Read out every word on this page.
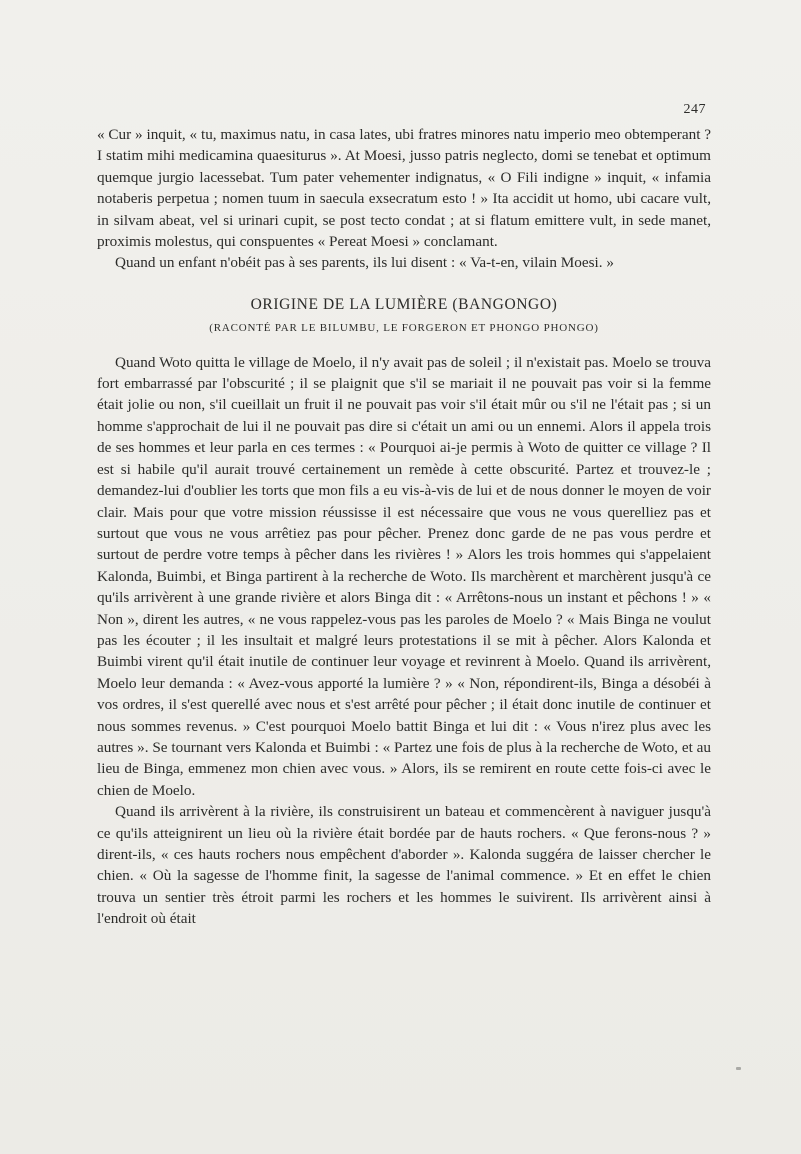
247

« Cur » inquit, « tu, maximus natu, in casa lates, ubi fratres minores natu imperio meo obtemperant ? I statim mihi medicamina quaesiturus ». At Moesi, jusso patris neglecto, domi se tenebat et optimum quemque jurgio lacessebat. Tum pater vehementer indignatus, « O Fili indigne » inquit, « infamia notaberis perpetua ; nomen tuum in saecula exsecratum esto ! » Ita accidit ut homo, ubi cacare vult, in silvam abeat, vel si urinari cupit, se post tecto condat ; at si flatum emittere vult, in sede manet, proximis molestus, qui conspuentes « Pereat Moesi » conclamant.

Quand un enfant n'obéit pas à ses parents, ils lui disent : « Va-t-en, vilain Moesi. »

ORIGINE DE LA LUMIÈRE (BANGONGO)
(RACONTÉ PAR LE BILUMBU, LE FORGERON ET PHONGO PHONGO)

Quand Woto quitta le village de Moelo, il n'y avait pas de soleil ; il n'existait pas. Moelo se trouva fort embarrassé par l'obscurité ; il se plaignit que s'il se mariait il ne pouvait pas voir si la femme était jolie ou non, s'il cueillait un fruit il ne pouvait pas voir s'il était mûr ou s'il ne l'était pas ; si un homme s'approchait de lui il ne pouvait pas dire si c'était un ami ou un ennemi. Alors il appela trois de ses hommes et leur parla en ces termes : « Pourquoi ai-je permis à Woto de quitter ce village ? Il est si habile qu'il aurait trouvé certainement un remède à cette obscurité. Partez et trouvez-le ; demandez-lui d'oublier les torts que mon fils a eu vis-à-vis de lui et de nous donner le moyen de voir clair. Mais pour que votre mission réussisse il est nécessaire que vous ne vous querelliez pas et surtout que vous ne vous arrêtiez pas pour pêcher. Prenez donc garde de ne pas vous perdre et surtout de perdre votre temps à pêcher dans les rivières ! » Alors les trois hommes qui s'appelaient Kalonda, Buimbi, et Binga partirent à la recherche de Woto. Ils marchèrent et marchèrent jusqu'à ce qu'ils arrivèrent à une grande rivière et alors Binga dit : « Arrêtons-nous un instant et pêchons ! » « Non », dirent les autres, « ne vous rappelez-vous pas les paroles de Moelo ? « Mais Binga ne voulut pas les écouter ; il les insultait et malgré leurs protestations il se mit à pêcher. Alors Kalonda et Buimbi virent qu'il était inutile de continuer leur voyage et revinrent à Moelo. Quand ils arrivèrent, Moelo leur demanda : « Avez-vous apporté la lumière ? » « Non, répondirent-ils, Binga a désobéi à vos ordres, il s'est querellé avec nous et s'est arrêté pour pêcher ; il était donc inutile de continuer et nous sommes revenus. » C'est pourquoi Moelo battit Binga et lui dit : « Vous n'irez plus avec les autres ». Se tournant vers Kalonda et Buimbi : « Partez une fois de plus à la recherche de Woto, et au lieu de Binga, emmenez mon chien avec vous. » Alors, ils se remirent en route cette fois-ci avec le chien de Moelo.

Quand ils arrivèrent à la rivière, ils construisirent un bateau et commencèrent à naviguer jusqu'à ce qu'ils atteignirent un lieu où la rivière était bordée par de hauts rochers. « Que ferons-nous ? » dirent-ils, « ces hauts rochers nous empêchent d'aborder ». Kalonda suggéra de laisser chercher le chien. « Où la sagesse de l'homme finit, la sagesse de l'animal commence. » Et en effet le chien trouva un sentier très étroit parmi les rochers et les hommes le suivirent. Ils arrivèrent ainsi à l'endroit où était
